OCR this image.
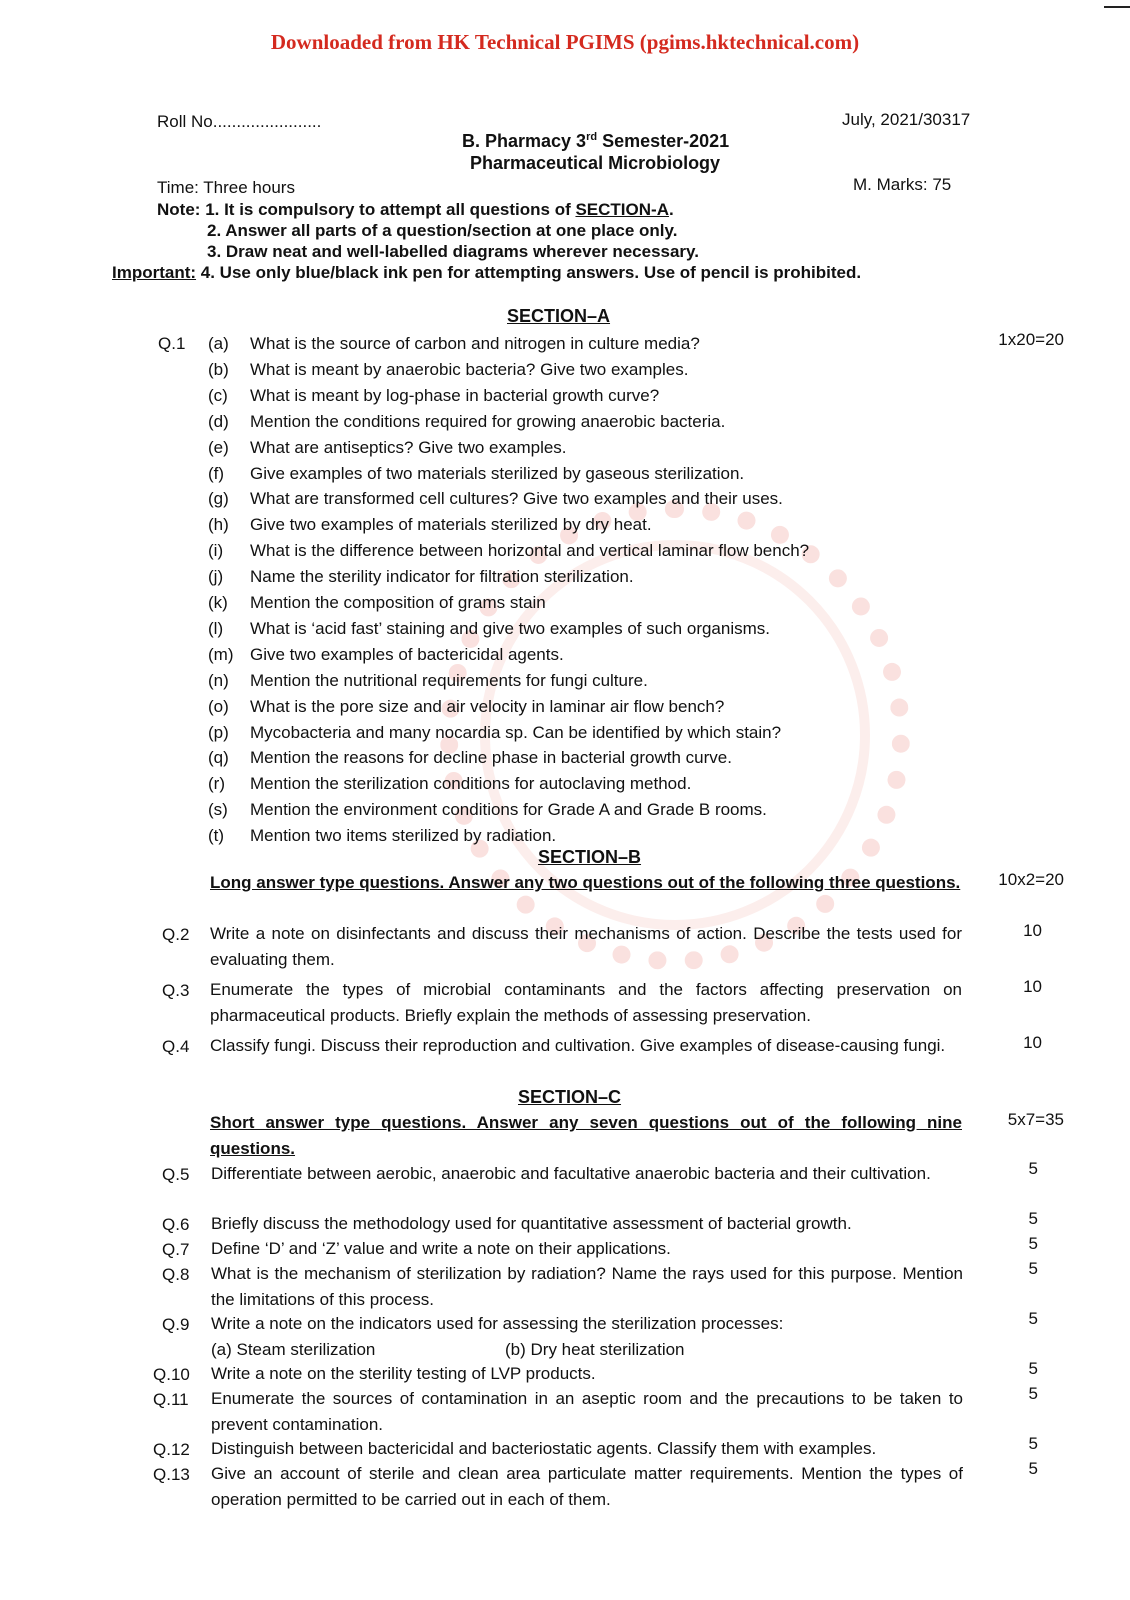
Downloaded from HK Technical PGIMS (pgims.hktechnical.com)
Roll No.......................	July, 2021/30317
B. Pharmacy 3rd Semester-2021
Pharmaceutical Microbiology
Time: Three hours	M. Marks: 75
Note: 1. It is compulsory to attempt all questions of SECTION-A.
2. Answer all parts of a question/section at one place only.
3. Draw neat and well-labelled diagrams wherever necessary.
Important: 4. Use only blue/black ink pen for attempting answers. Use of pencil is prohibited.
SECTION–A
Q.1	1x20=20
(a) What is the source of carbon and nitrogen in culture media?
(b) What is meant by anaerobic bacteria? Give two examples.
(c) What is meant by log-phase in bacterial growth curve?
(d) Mention the conditions required for growing anaerobic bacteria.
(e) What are antiseptics? Give two examples.
(f) Give examples of two materials sterilized by gaseous sterilization.
(g) What are transformed cell cultures? Give two examples and their uses.
(h) Give two examples of materials sterilized by dry heat.
(i) What is the difference between horizontal and vertical laminar flow bench?
(j) Name the sterility indicator for filtration sterilization.
(k) Mention the composition of grams stain
(l) What is ‘acid fast’ staining and give two examples of such organisms.
(m) Give two examples of bactericidal agents.
(n) Mention the nutritional requirements for fungi culture.
(o) What is the pore size and air velocity in laminar air flow bench?
(p) Mycobacteria and many nocardia sp. Can be identified by which stain?
(q) Mention the reasons for decline phase in bacterial growth curve.
(r) Mention the sterilization conditions for autoclaving method.
(s) Mention the environment conditions for Grade A and Grade B rooms.
(t) Mention two items sterilized by radiation.
SECTION–B
Long answer type questions. Answer any two questions out of the following three questions. 10x2=20
Q.2 Write a note on disinfectants and discuss their mechanisms of action. Describe the tests used for evaluating them.
10
Q.3 Enumerate the types of microbial contaminants and the factors affecting preservation on pharmaceutical products. Briefly explain the methods of assessing preservation.
10
Q.4 Classify fungi. Discuss their reproduction and cultivation. Give examples of disease-causing fungi.	10
SECTION–C
Short answer type questions. Answer any seven questions out of the following nine questions.
5x7=35
Q.5 Differentiate between aerobic, anaerobic and facultative anaerobic bacteria and their cultivation.	5
Q.6 Briefly discuss the methodology used for quantitative assessment of bacterial growth.	5
Q.7 Define ‘D’ and ‘Z’ value and write a note on their applications.	5
Q.8 What is the mechanism of sterilization by radiation? Name the rays used for this purpose. Mention the limitations of this process.
5
Q.9 Write a note on the indicators used for assessing the sterilization processes:	5
(a) Steam sterilization	(b) Dry heat sterilization
Q.10 Write a note on the sterility testing of LVP products.	5
Q.11 Enumerate the sources of contamination in an aseptic room and the precautions to be taken to prevent contamination.
5
Q.12 Distinguish between bactericidal and bacteriostatic agents. Classify them with examples.	5
Q.13 Give an account of sterile and clean area particulate matter requirements. Mention the types of operation permitted to be carried out in each of them.
5
